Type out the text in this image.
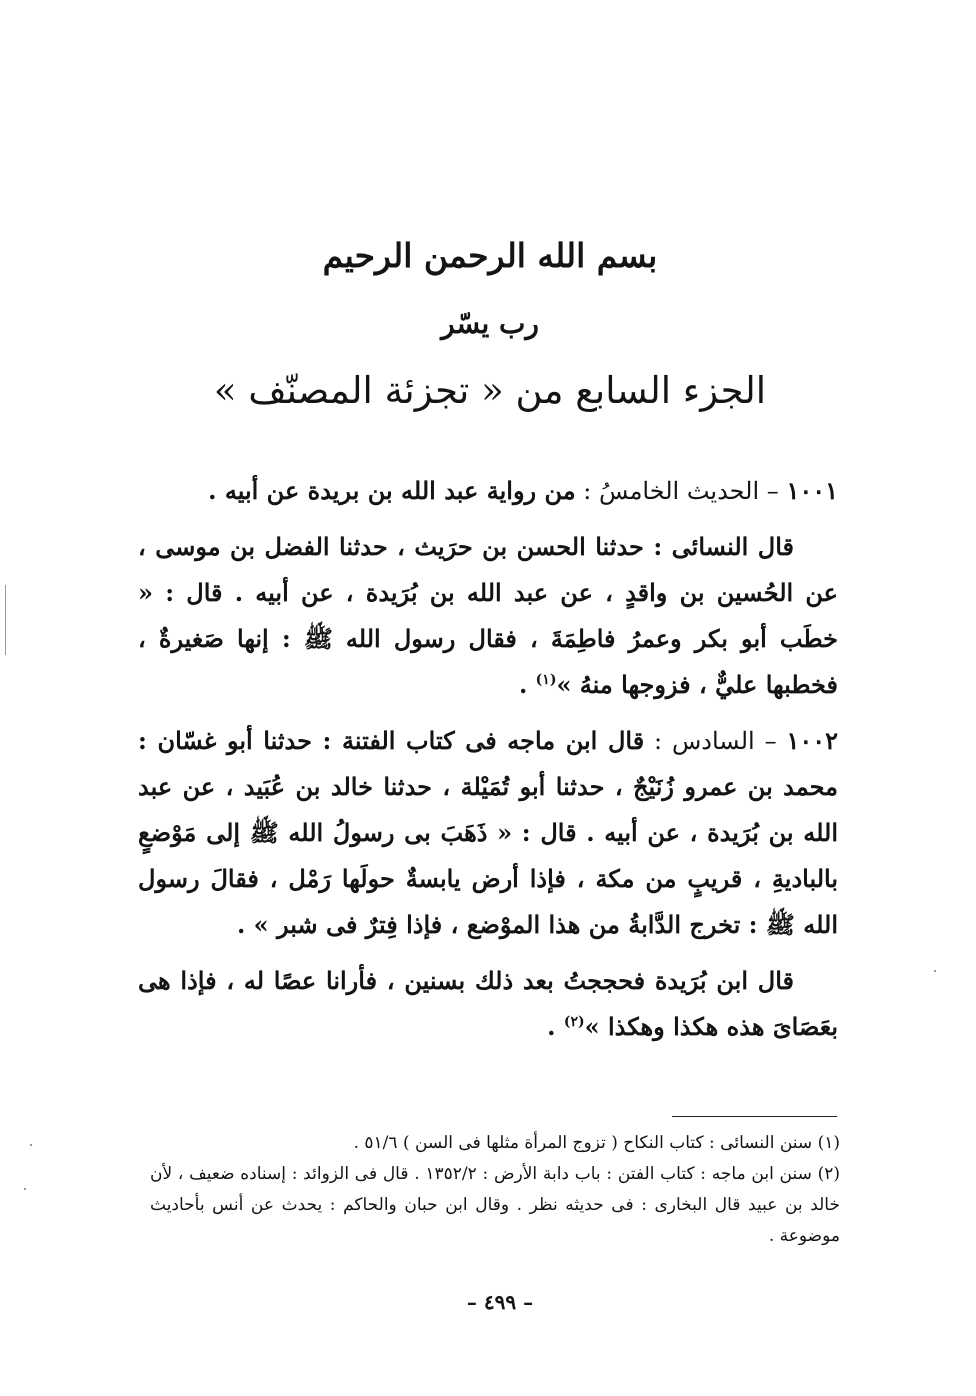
بسم الله الرحمن الرحيم
رب يسّر
الجزء السابع من « تجزئة المصنّف »

١٠٠١ – الحديث الخامسُ : من رواية عبد الله بن بريدة عن أبيه .

قال النسائى : حدثنا الحسن بن حرَيث ، حدثنا الفضل بن موسى ، عن الحُسين بن واقدٍ ، عن عبد الله بن بُرَيدة ، عن أبيه . قال : « خطَب أبو بكر وعمرُ فاطِمَةَ ، فقال رسول الله ﷺ : إنها صَغيرةٌ ، فخطبها عليٌّ ، فزوجها منهُ »$^{(١)}$ .

١٠٠٢ – السادس : قال ابن ماجه فى كتاب الفتنة : حدثنا أبو غسّان : محمد بن عمرو زُنَيْجٌ ، حدثنا أبو تُمَيْلة ، حدثنا خالد بن عُبَيد ، عن عبد الله بن بُرَيدة ، عن أبيه . قال : « ذَهَبَ بى رسولُ الله ﷺ إلى مَوْضعٍ بالباديةِ ، قريبٍ من مكة ، فإذا أرض يابسةٌ حولَها رَمْل ، فقالَ رسول الله ﷺ : تخرج الدَّابةُ من هذا الموْضع ، فإذا فِترٌ فى شبر » .

قال ابن بُرَيدة فحججتُ بعد ذلك بسنين ، فأرانا عصًا له ، فإذا هى بعَصَاىَ هذه هكذا وهكذا »$^{(٢)}$ .

(١) سنن النسائى : كتاب النكاح ( تزوج المرأة مثلها فى السن ) ٥١/٦ .

(٢) سنن ابن ماجه : كتاب الفتن : باب دابة الأرض : ١٣٥٢/٢ . قال فى الزوائد : إسناده ضعيف ، لأن خالد بن عبيد قال البخارى : فى حديثه نظر . وقال ابن حبان والحاكم : يحدث عن أنس بأحاديث موضوعة .

– ٤٩٩ –
